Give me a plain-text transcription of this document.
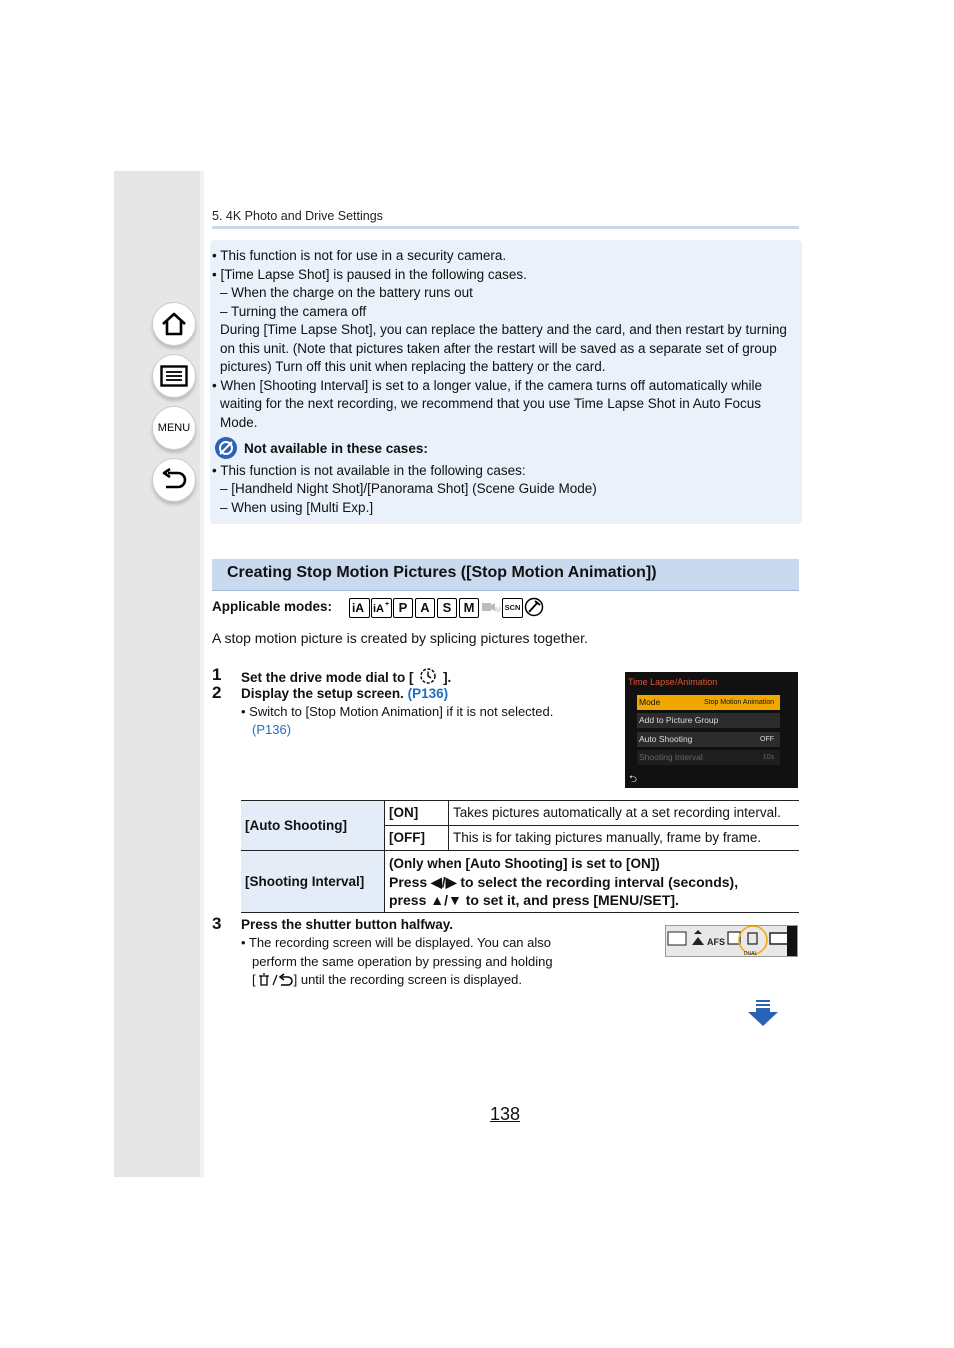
MENU
5. 4K Photo and Drive Settings
• This function is not for use in a security camera.
• [Time Lapse Shot] is paused in the following cases.
– When the charge on the battery runs out
– Turning the camera off
During [Time Lapse Shot], you can replace the battery and the card, and then restart by turning
on this unit. (Note that pictures taken after the restart will be saved as a separate set of group
pictures) Turn off this unit when replacing the battery or the card.
• When [Shooting Interval] is set to a longer value, if the camera turns off automatically while
waiting for the next recording, we recommend that you use Time Lapse Shot in Auto Focus
Mode.
Not available in these cases:
• This function is not available in the following cases:
– [Handheld Night Shot]/[Panorama Shot] (Scene Guide Mode)
– When using [Multi Exp.]
Creating Stop Motion Pictures ([Stop Motion Animation])
Applicable modes: iA iA + P A S M	M SCN
A stop motion picture is created by splicing pictures together.
1 Set the drive mode dial to [ ].
2 Display the setup screen. (P136)
• Switch to [Stop Motion Animation] if it is not selected.
(P136)
Time Lapse/Animation
Mode	Stop Motion Animation
Add to Picture Group
Auto Shooting	OFF
Shooting Interval	10s
⮌
[Auto Shooting]	[ON]	Takes pictures automatically at a set recording interval.
	[OFF]	This is for taking pictures manually, frame by frame.
[Shooting Interval]	(Only when [Auto Shooting] is set to [ON])
Press ◀/▶ to select the recording interval (seconds),
press ▲/▼ to set it, and press [MENU/SET].	
3 Press the shutter button halfway.
• The recording screen will be displayed. You can also
perform the same operation by pressing and holding
[	] until the recording screen is displayed.
AFS
DUAL
138
